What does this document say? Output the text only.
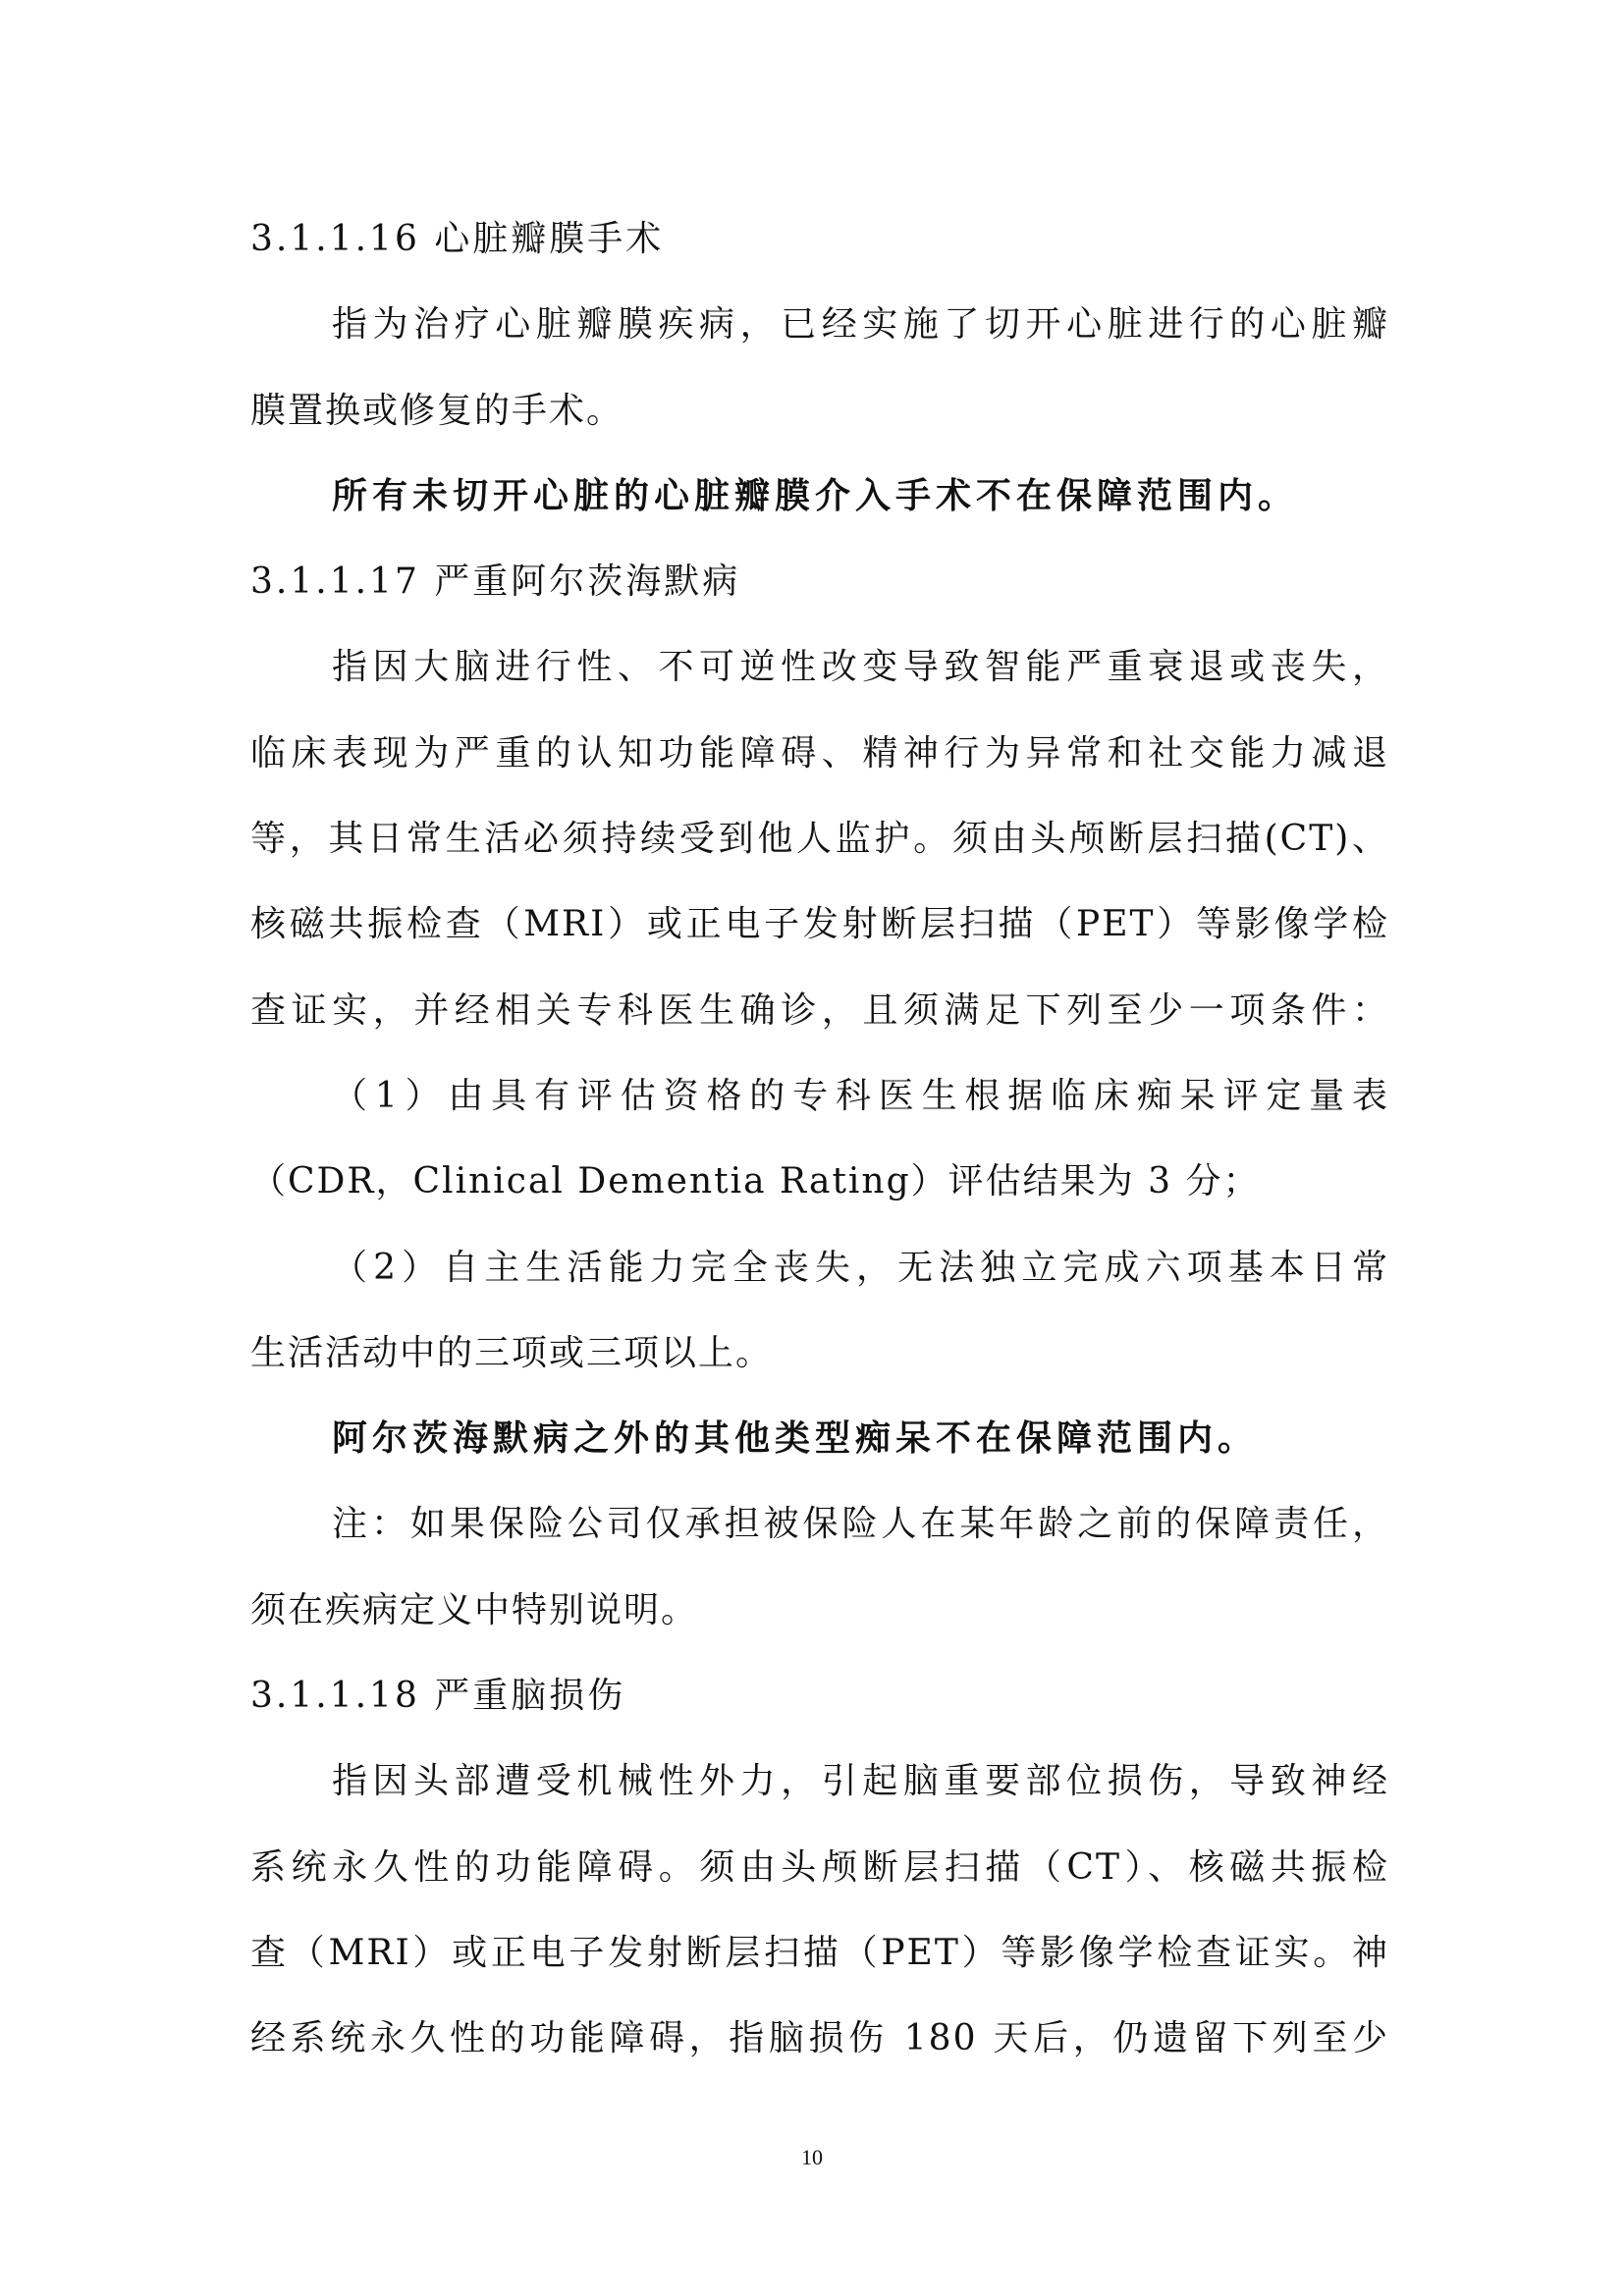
3.1.1.16 心脏瓣膜手术
指为治疗心脏瓣膜疾病，已经实施了切开心脏进行的心脏瓣
膜置换或修复的手术。
所有未切开心脏的心脏瓣膜介入手术不在保障范围内。
3.1.1.17 严重阿尔茨海默病
指因大脑进行性、不可逆性改变导致智能严重衰退或丧失，
临床表现为严重的认知功能障碍、精神行为异常和社交能力减退
等，其日常生活必须持续受到他人监护。须由头颅断层扫描(CT)、
核磁共振检查（MRI）或正电子发射断层扫描（PET）等影像学检
查证实，并经相关专科医生确诊，且须满足下列至少一项条件：
（1）由具有评估资格的专科医生根据临床痴呆评定量表
（CDR，Clinical Dementia Rating）评估结果为 3 分；
（2）自主生活能力完全丧失，无法独立完成六项基本日常
生活活动中的三项或三项以上。
阿尔茨海默病之外的其他类型痴呆不在保障范围内。
注：如果保险公司仅承担被保险人在某年龄之前的保障责任，
须在疾病定义中特别说明。
3.1.1.18 严重脑损伤
指因头部遭受机械性外力，引起脑重要部位损伤，导致神经
系统永久性的功能障碍。须由头颅断层扫描（CT）、核磁共振检
查（MRI）或正电子发射断层扫描（PET）等影像学检查证实。神
经系统永久性的功能障碍，指脑损伤 180 天后，仍遗留下列至少
10
